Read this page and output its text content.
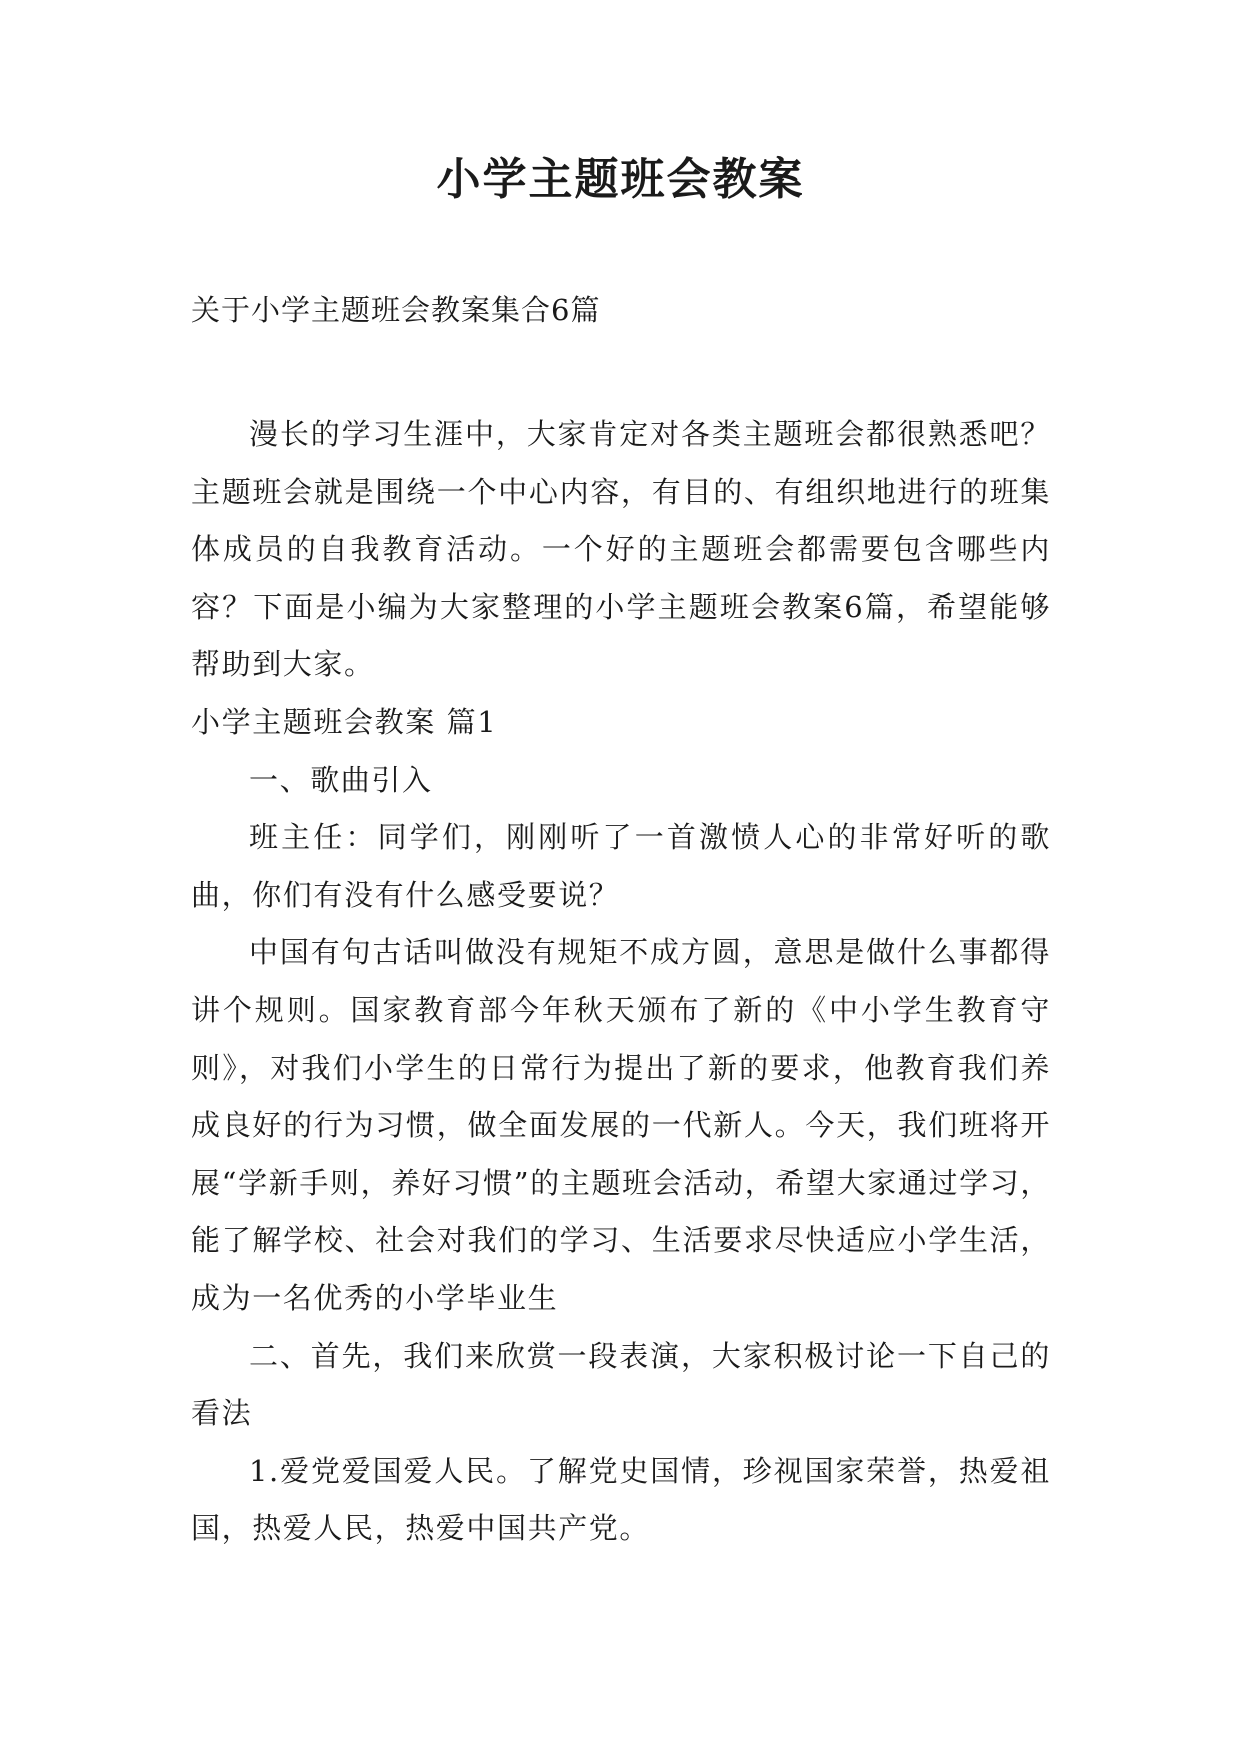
小学主题班会教案
关于小学主题班会教案集合6篇

漫长的学习生涯中，大家肯定对各类主题班会都很熟悉吧？主题班会就是围绕一个中心内容，有目的、有组织地进行的班集体成员的自我教育活动。一个好的主题班会都需要包含哪些内容？下面是小编为大家整理的小学主题班会教案6篇，希望能够帮助到大家。

小学主题班会教案 篇1

一、歌曲引入

班主任：同学们，刚刚听了一首激愤人心的非常好听的歌曲，你们有没有什么感受要说？

中国有句古话叫做没有规矩不成方圆，意思是做什么事都得讲个规则。国家教育部今年秋天颁布了新的《中小学生教育守则》，对我们小学生的日常行为提出了新的要求，他教育我们养成良好的行为习惯，做全面发展的一代新人。今天，我们班将开展“学新手则，养好习惯”的主题班会活动，希望大家通过学习，能了解学校、社会对我们的学习、生活要求尽快适应小学生活，成为一名优秀的小学毕业生

二、首先，我们来欣赏一段表演，大家积极讨论一下自己的看法

1.爱党爱国爱人民。了解党史国情，珍视国家荣誉，热爱祖国，热爱人民，热爱中国共产党。
